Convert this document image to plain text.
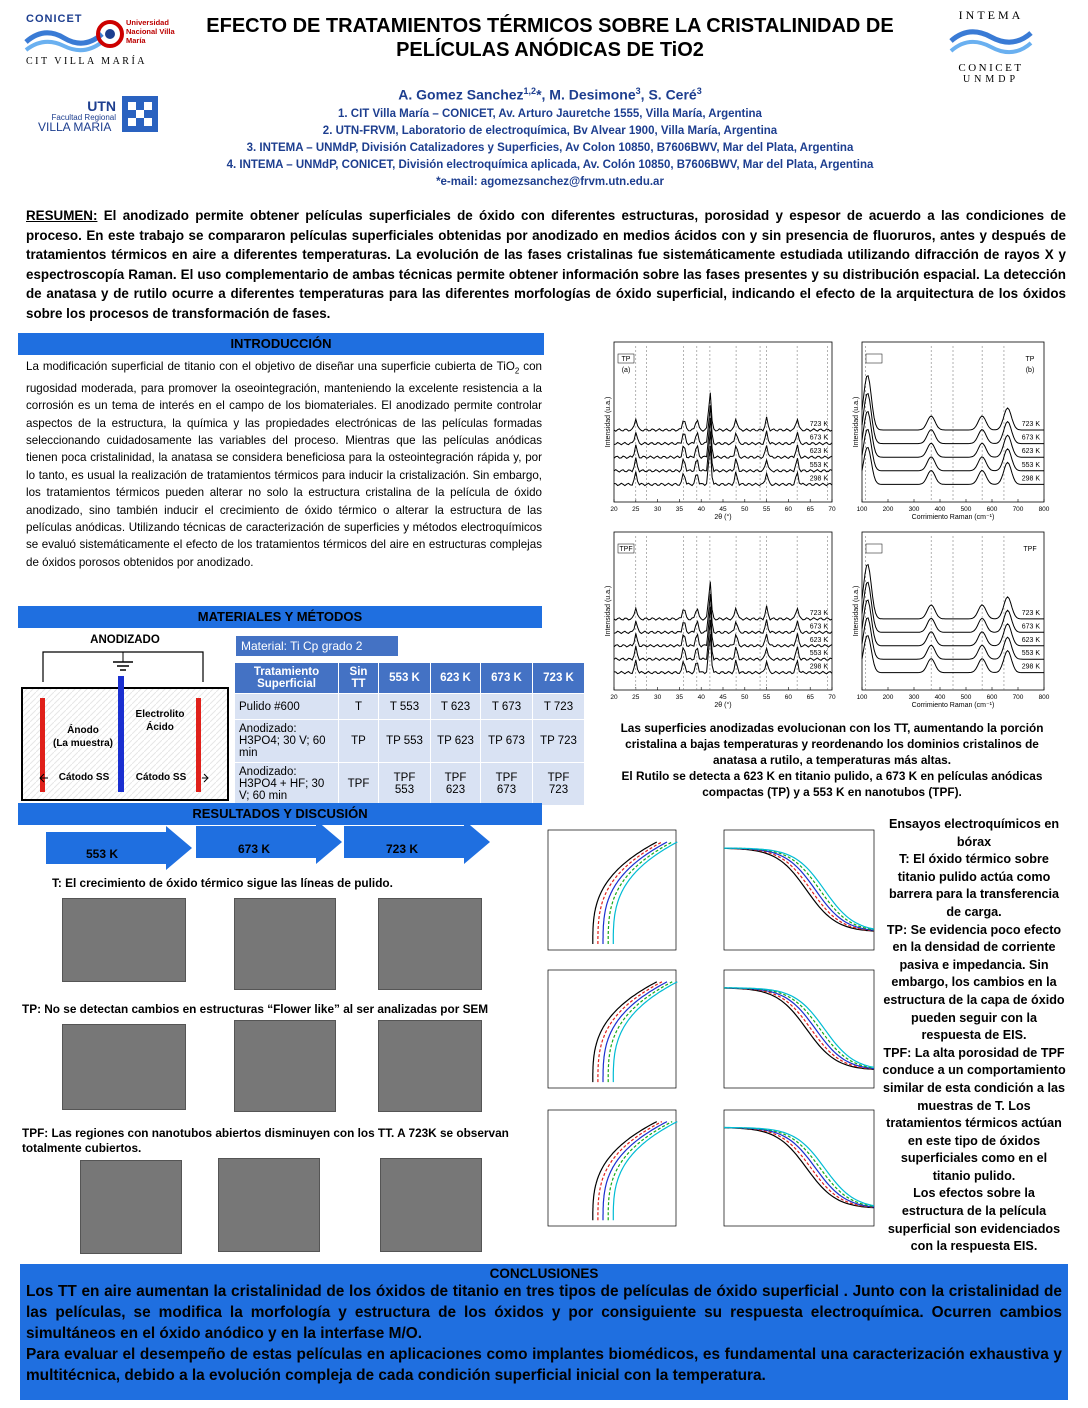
CONICET	Universidad Nacional Villa María
CIT VILLA MARÍA
UTN
Facultad Regional
VILLA MARIA
INTEMA
CONICET
UNMDP
EFECTO DE TRATAMIENTOS TÉRMICOS SOBRE LA CRISTALINIDAD DE PELÍCULAS ANÓDICAS DE TiO2
A. Gomez Sanchez$^{1,2}$*, M. Desimone$^3$, S. Ceré$^3$
1. CIT Villa María – CONICET, Av. Arturo Jauretche 1555, Villa María, Argentina
2. UTN-FRVM, Laboratorio de electroquímica, Bv Alvear 1900, Villa María, Argentina
3. INTEMA – UNMdP, División Catalizadores y Superficies, Av Colon 10850, B7606BWV, Mar del Plata, Argentina
4. INTEMA – UNMdP, CONICET, División electroquímica aplicada, Av. Colón 10850, B7606BWV, Mar del Plata, Argentina
*e-mail: agomezsanchez@frvm.utn.edu.ar
RESUMEN: El anodizado permite obtener películas superficiales de óxido con diferentes estructuras, porosidad y espesor de acuerdo a las condiciones de proceso. En este trabajo se compararon películas superficiales obtenidas por anodizado en medios ácidos con y sin presencia de fluoruros, antes y después de tratamientos térmicos en aire a diferentes temperaturas. La evolución de las fases cristalinas fue sistemáticamente estudiada utilizando difracción de rayos X y espectroscopía Raman. El uso complementario de ambas técnicas permite obtener información sobre las fases presentes y su distribución espacial. La detección de anatasa y de rutilo ocurre a diferentes temperaturas para las diferentes morfologías de óxido superficial, indicando el efecto de la arquitectura de los óxidos sobre los procesos de transformación de fases.
INTRODUCCIÓN
La modificación superficial de titanio con el objetivo de diseñar una superficie cubierta de TiO$_2$ con rugosidad moderada, para promover la oseointegración, manteniendo la excelente resistencia a la corrosión es un tema de interés en el campo de los biomateriales. El anodizado permite controlar aspectos de la estructura, la química y las propiedades electrónicas de las películas formadas seleccionando cuidadosamente las variables del proceso. Mientras que las películas anódicas tienen poca cristalinidad, la anatasa se considera beneficiosa para la osteointegración rápida y, por lo tanto, es usual la realización de tratamientos térmicos para inducir la cristalización. Sin embargo, los tratamientos térmicos pueden alterar no solo la estructura cristalina de la película de óxido anodizado, sino también inducir el crecimiento de óxido térmico o alterar la estructura de las películas anódicas. Utilizando técnicas de caracterización de superficies y métodos electroquímicos se evaluó sistemáticamente el efecto de los tratamientos térmicos del aire en estructuras complejas de óxidos porosos obtenidos por anodizado.
MATERIALES Y MÉTODOS
ANODIZADO
Ánodo
(La muestra)
Electrolito
Ácido
Cátodo SS	Cátodo SS
Material: Ti Cp grado 2
Tratamiento Superficial	Sin TT	553 K	623 K	673 K	723 K
Pulido #600	T	T 553	T 623	T 673	T 723
Anodizado: H3PO4; 30 V; 60 min	TP	TP 553	TP 623	TP 673	TP 723
Anodizado: H3PO4 + HF; 30 V; 60 min	TPF	TPF 553	TPF 623	TPF 673	TPF 723
20 25 30 35 40 45 50 55 60 65 70
2θ (°)
Intensidad (u.a.)	723 K
673 K
623 K
553 K
298 K
TP
(a)
100 200 300 400 500 600 700 800
Corrimiento Raman (cm⁻¹)
Intensidad (u.a.)	723 K
673 K
623 K
553 K
298 K
TP
(b)
20 25 30 35 40 45 50 55 60 65 70
2θ (°)
Intensidad (u.a.)	723 K
673 K
623 K
553 K
298 K
TPF
100 200 300 400 500 600 700 800
Corrimiento Raman (cm⁻¹)
Intensidad (u.a.)	723 K
673 K
623 K
553 K
298 K
TPF
Las superficies anodizadas evolucionan con los TT, aumentando la porción cristalina a bajas temperaturas y reordenando los dominios cristalinos de anatasa a rutilo, a temperaturas más altas.
El Rutilo se detecta a 623 K en titanio pulido, a 673 K en películas anódicas compactas (TP) y a 553 K en nanotubos (TPF).
RESULTADOS Y DISCUSIÓN
553 K	673 K	723 K
T: El crecimiento de óxido térmico sigue las líneas de pulido.
TP: No se detectan cambios en estructuras “Flower like” al ser analizadas por SEM
TPF: Las regiones con nanotubos abiertos disminuyen con los TT. A 723K se observan totalmente cubiertos.
Ensayos electroquímicos en bórax
T: El óxido térmico sobre titanio pulido actúa como barrera para la transferencia de carga.
TP: Se evidencia poco efecto en la densidad de corriente pasiva e impedancia. Sin embargo, los cambios en la estructura de la capa de óxido pueden seguir con la respuesta de EIS.
TPF: La alta porosidad de TPF conduce a un comportamiento similar de esta condición a las muestras de T. Los tratamientos térmicos actúan en este tipo de óxidos superficiales como en el titanio pulido.
Los efectos sobre la estructura de la película superficial son evidenciados con la respuesta EIS.
CONCLUSIONES
Los TT en aire aumentan la cristalinidad de los óxidos de titanio en tres tipos de películas de óxido superficial . Junto con la cristalinidad de las películas, se modifica la morfología y estructura de los óxidos y por consiguiente su respuesta electroquímica. Ocurren cambios simultáneos en el óxido anódico y en la interfase M/O.
Para evaluar el desempeño de estas películas en aplicaciones como implantes biomédicos, es fundamental una caracterización exhaustiva y multitécnica, debido a la evolución compleja de cada condición superficial inicial con la temperatura.
